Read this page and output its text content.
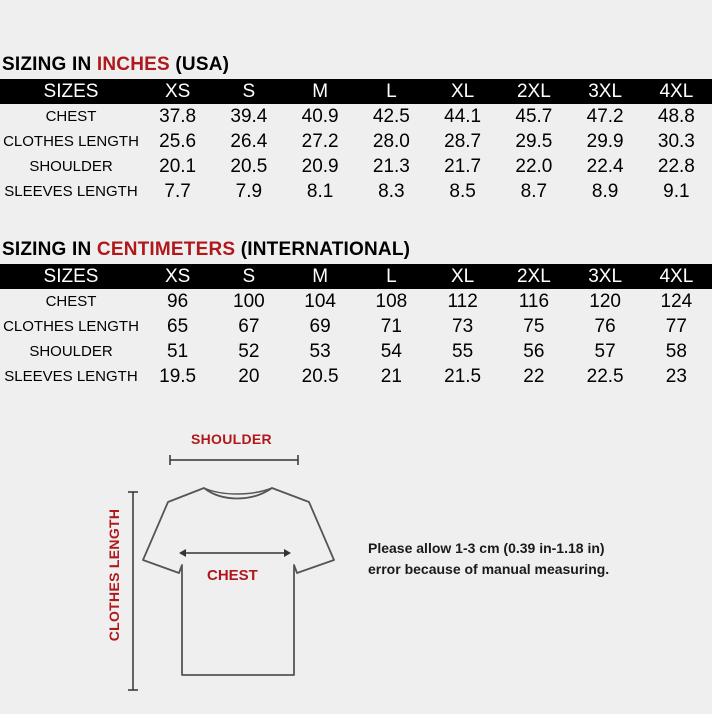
SIZING IN INCHES (USA)
SIZES	XS	S	M	L	XL	2XL	3XL	4XL
CHEST	37.8	39.4	40.9	42.5	44.1	45.7	47.2	48.8
CLOTHES LENGTH	25.6	26.4	27.2	28.0	28.7	29.5	29.9	30.3
SHOULDER	20.1	20.5	20.9	21.3	21.7	22.0	22.4	22.8
SLEEVES LENGTH	7.7	7.9	8.1	8.3	8.5	8.7	8.9	9.1
SIZING IN CENTIMETERS (INTERNATIONAL)
SIZES	XS	S	M	L	XL	2XL	3XL	4XL
CHEST	96	100	104	108	112	116	120	124
CLOTHES LENGTH	65	67	69	71	73	75	76	77
SHOULDER	51	52	53	54	55	56	57	58
SLEEVES LENGTH	19.5	20	20.5	21	21.5	22	22.5	23
SHOULDER
CHEST
CLOTHES LENGTH	Please allow 1-3 cm (0.39 in-1.18 in)
error because of manual measuring.
